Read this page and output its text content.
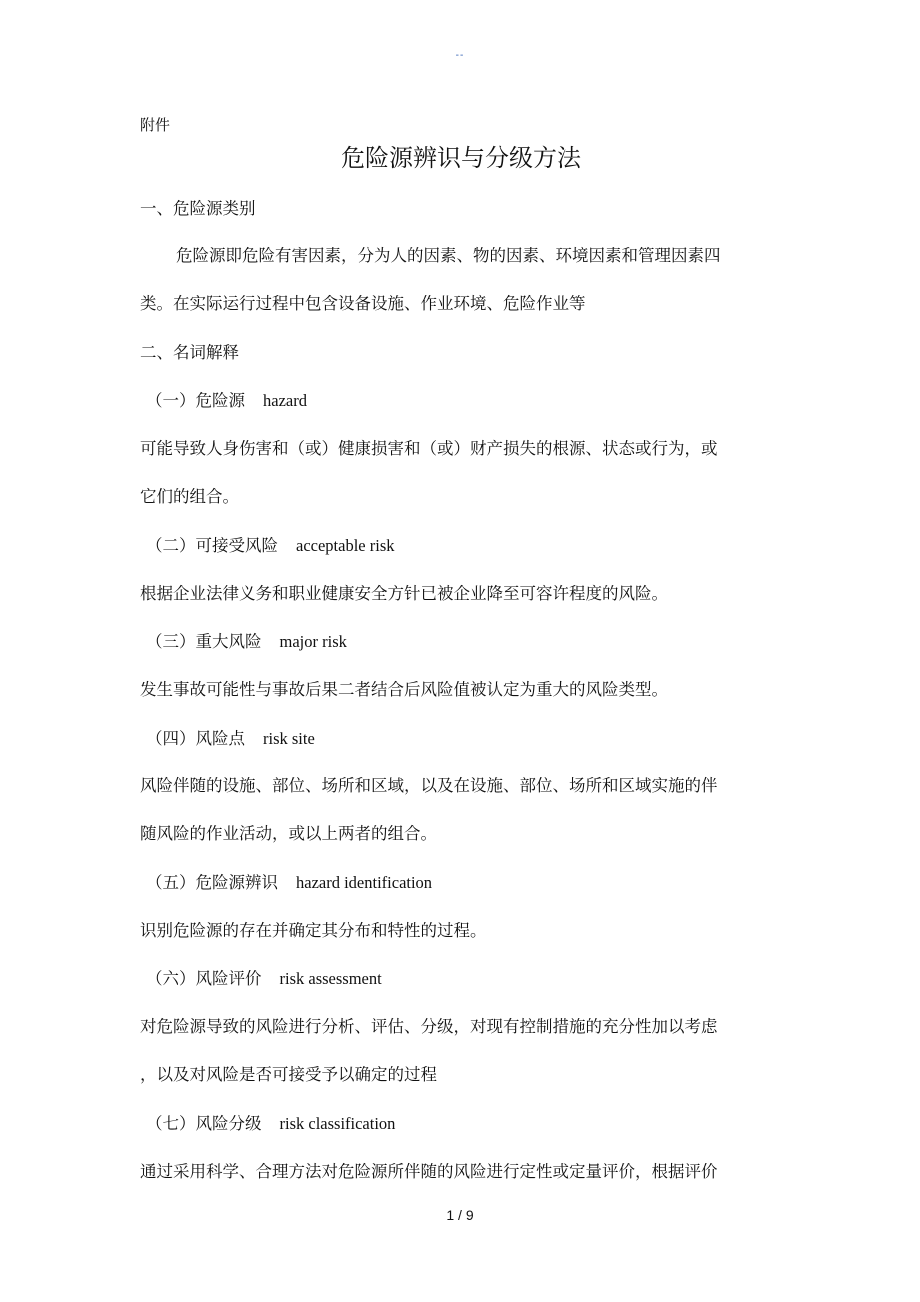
--
附件
危险源辨识与分级方法
一、危险源类别
危险源即危险有害因素，分为人的因素、物的因素、环境因素和管理因素四
类。在实际运行过程中包含设备设施、作业环境、危险作业等
二、名词解释
（一）危险源 hazard
可能导致人身伤害和（或）健康损害和（或）财产损失的根源、状态或行为，或
它们的组合。
（二）可接受风险 acceptable risk
根据企业法律义务和职业健康安全方针已被企业降至可容许程度的风险。
（三）重大风险 major risk
发生事故可能性与事故后果二者结合后风险值被认定为重大的风险类型。
（四）风险点 risk site
风险伴随的设施、部位、场所和区域，以及在设施、部位、场所和区域实施的伴
随风险的作业活动，或以上两者的组合。
（五）危险源辨识 hazard identification
识别危险源的存在并确定其分布和特性的过程。
（六）风险评价 risk assessment
对危险源导致的风险进行分析、评估、分级，对现有控制措施的充分性加以考虑
，以及对风险是否可接受予以确定的过程
（七）风险分级 risk classification
通过采用科学、合理方法对危险源所伴随的风险进行定性或定量评价，根据评价
1 / 9
